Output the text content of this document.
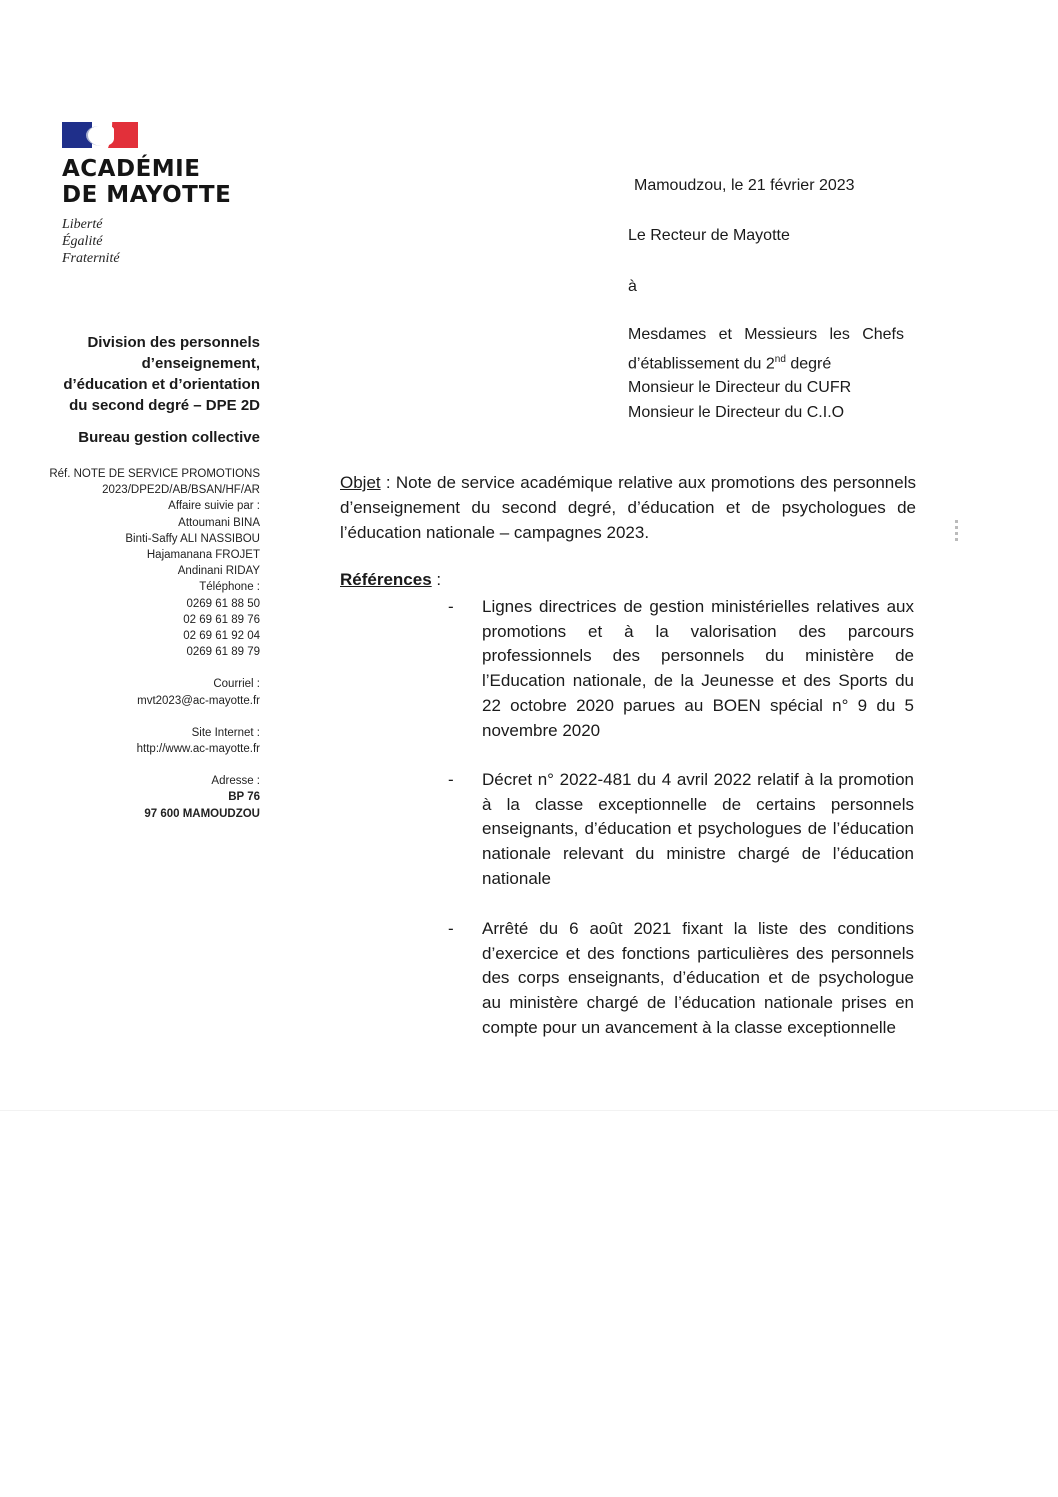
ACADÉMIE
DE MAYOTTE
Liberté
Égalité
Fraternité
Division des personnels
d’enseignement,
d’éducation et d’orientation
du second degré – DPE 2D
Bureau gestion collective
Réf. NOTE DE SERVICE PROMOTIONS
2023/DPE2D/AB/BSAN/HF/AR
Affaire suivie par :
Attoumani BINA
Binti-Saffy ALI NASSIBOU
Hajamanana FROJET
Andinani RIDAY
Téléphone :
0269 61 88 50
02 69 61 89 76
02 69 61 92 04
0269 61 89 79
Courriel :
mvt2023@ac-mayotte.fr
Site Internet :
http://www.ac-mayotte.fr
Adresse :
BP 76
97 600 MAMOUDZOU
Mamoudzou, le 21 février 2023
Le Recteur de Mayotte
à
Mesdames et Messieurs les Chefs
d’établissement du 2nd degré
Monsieur le Directeur du CUFR
Monsieur le Directeur du C.I.O
Objet : Note de service académique relative aux promotions des personnels d’enseignement du second degré, d’éducation et de psychologues de l’éducation nationale – campagnes 2023.
Références :
-	Lignes directrices de gestion ministérielles relatives aux promotions et à la valorisation des parcours professionnels des personnels du ministère de l’Education nationale, de la Jeunesse et des Sports du 22 octobre 2020 parues au BOEN spécial n° 9 du 5 novembre 2020
-	Décret n° 2022-481 du 4 avril 2022 relatif à la promotion à la classe exceptionnelle de certains personnels enseignants, d’éducation et psychologues de l’éducation nationale relevant du ministre chargé de l’éducation nationale
-	Arrêté du 6 août 2021 fixant la liste des conditions d’exercice et des fonctions particulières des personnels des corps enseignants, d’éducation et de psychologue au ministère chargé de l’éducation nationale prises en compte pour un avancement à la classe exceptionnelle
